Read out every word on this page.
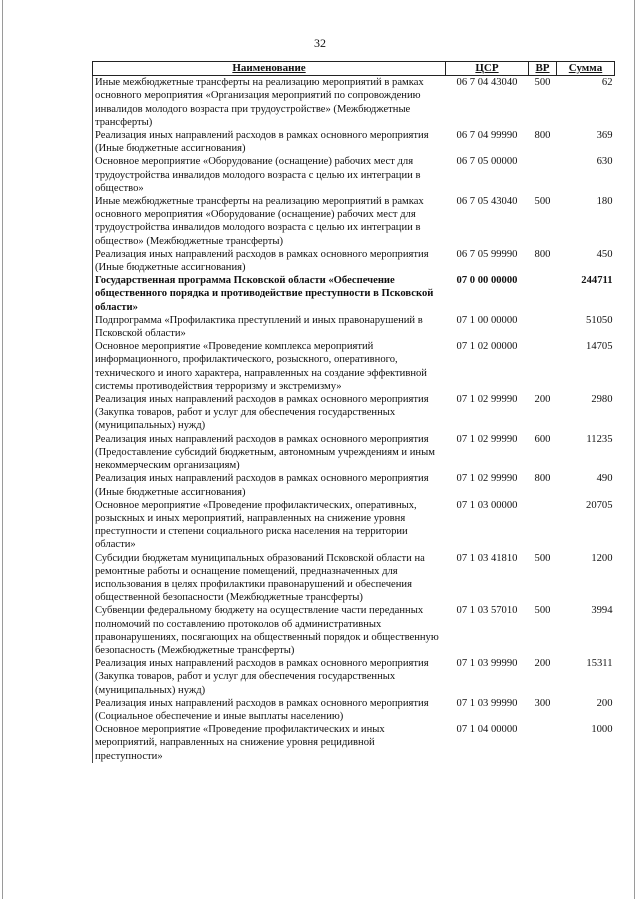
32
Наименование	ЦСР	ВР	Сумма
Иные межбюджетные трансферты на реализацию мероприятий в рамках основного мероприятия «Организация мероприятий по сопровождению инвалидов молодого возраста при трудоустройстве» (Межбюджетные трансферты)	06 7 04 43040	500	62
Реализация иных направлений расходов в рамках основного мероприятия (Иные бюджетные ассигнования)	06 7 04 99990	800	369
Основное мероприятие «Оборудование (оснащение) рабочих мест для трудоустройства инвалидов молодого возраста с целью их интеграции в общество»	06 7 05 00000		630
Иные межбюджетные трансферты на реализацию мероприятий в рамках основного мероприятия «Оборудование (оснащение) рабочих мест для трудоустройства инвалидов молодого возраста с целью их интеграции в общество» (Межбюджетные трансферты)	06 7 05 43040	500	180
Реализация иных направлений расходов в рамках основного мероприятия (Иные бюджетные ассигнования)	06 7 05 99990	800	450
Государственная программа Псковской области «Обеспечение общественного порядка и противодействие преступности в Псковской области»	07 0 00 00000		244711
Подпрограмма «Профилактика преступлений и иных правонарушений в Псковской области»	07 1 00 00000		51050
Основное мероприятие «Проведение комплекса мероприятий информационного, профилактического, розыскного, оперативного, технического и иного характера, направленных на создание эффективной системы противодействия терроризму и экстремизму»	07 1 02 00000		14705
Реализация иных направлений расходов в рамках основного мероприятия (Закупка товаров, работ и услуг для обеспечения государственных (муниципальных) нужд)	07 1 02 99990	200	2980
Реализация иных направлений расходов в рамках основного мероприятия (Предоставление субсидий бюджетным, автономным учреждениям и иным некоммерческим организациям)	07 1 02 99990	600	11235
Реализация иных направлений расходов в рамках основного мероприятия (Иные бюджетные ассигнования)	07 1 02 99990	800	490
Основное мероприятие «Проведение профилактических, оперативных, розыскных и иных мероприятий, направленных на снижение уровня преступности и степени социального риска населения на территории области»	07 1 03 00000		20705
Субсидии бюджетам муниципальных образований Псковской области на ремонтные работы и оснащение помещений, предназначенных для использования в целях профилактики правонарушений и обеспечения общественной безопасности (Межбюджетные трансферты)	07 1 03 41810	500	1200
Субвенции федеральному бюджету на осуществление части переданных полномочий по составлению протоколов об административных правонарушениях, посягающих на общественный порядок и общественную безопасность (Межбюджетные трансферты)	07 1 03 57010	500	3994
Реализация иных направлений расходов в рамках основного мероприятия (Закупка товаров, работ и услуг для обеспечения государственных (муниципальных) нужд)	07 1 03 99990	200	15311
Реализация иных направлений расходов в рамках основного мероприятия (Социальное обеспечение и иные выплаты населению)	07 1 03 99990	300	200
Основное мероприятие «Проведение профилактических и иных мероприятий, направленных на снижение уровня рецидивной преступности»	07 1 04 00000		1000
